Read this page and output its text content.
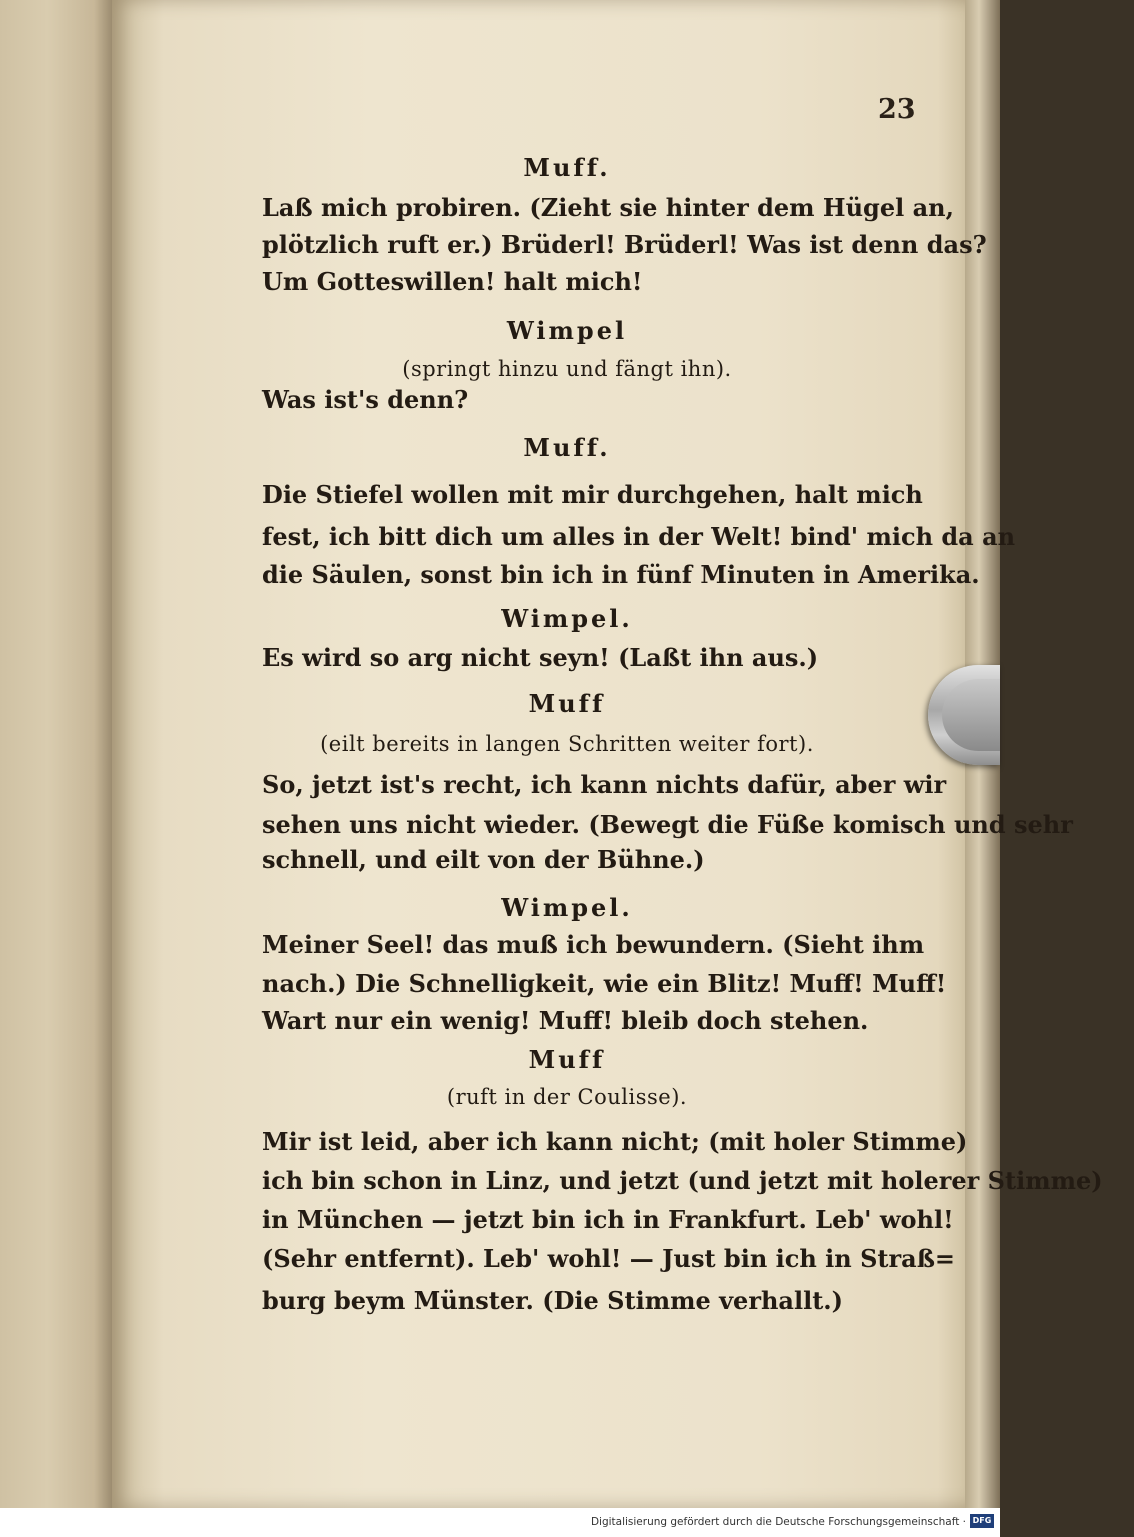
23
Muff.
Laß mich probiren. (Zieht sie hinter dem Hügel an,
plötzlich ruft er.) Brüderl! Brüderl! Was ist denn das?
Um Gotteswillen! halt mich!
Wimpel
(springt hinzu und fängt ihn).
Was ist's denn?
Muff.
Die Stiefel wollen mit mir durchgehen, halt mich
fest, ich bitt dich um alles in der Welt! bind' mich da an
die Säulen, sonst bin ich in fünf Minuten in Amerika.
Wimpel.
Es wird so arg nicht seyn! (Laßt ihn aus.)
Muff
(eilt bereits in langen Schritten weiter fort).
So, jetzt ist's recht, ich kann nichts dafür, aber wir
sehen uns nicht wieder. (Bewegt die Füße komisch und sehr
schnell, und eilt von der Bühne.)
Wimpel.
Meiner Seel! das muß ich bewundern. (Sieht ihm
nach.) Die Schnelligkeit, wie ein Blitz! Muff! Muff!
Wart nur ein wenig! Muff! bleib doch stehen.
Muff
(ruft in der Coulisse).
Mir ist leid, aber ich kann nicht; (mit holer Stimme)
ich bin schon in Linz, und jetzt (und jetzt mit holerer Stimme)
in München — jetzt bin ich in Frankfurt. Leb' wohl!
(Sehr entfernt). Leb' wohl! — Just bin ich in Straß=
burg beym Münster. (Die Stimme verhallt.)
Digitalisierung gefördert durch die Deutsche Forschungsgemeinschaft · DFG
